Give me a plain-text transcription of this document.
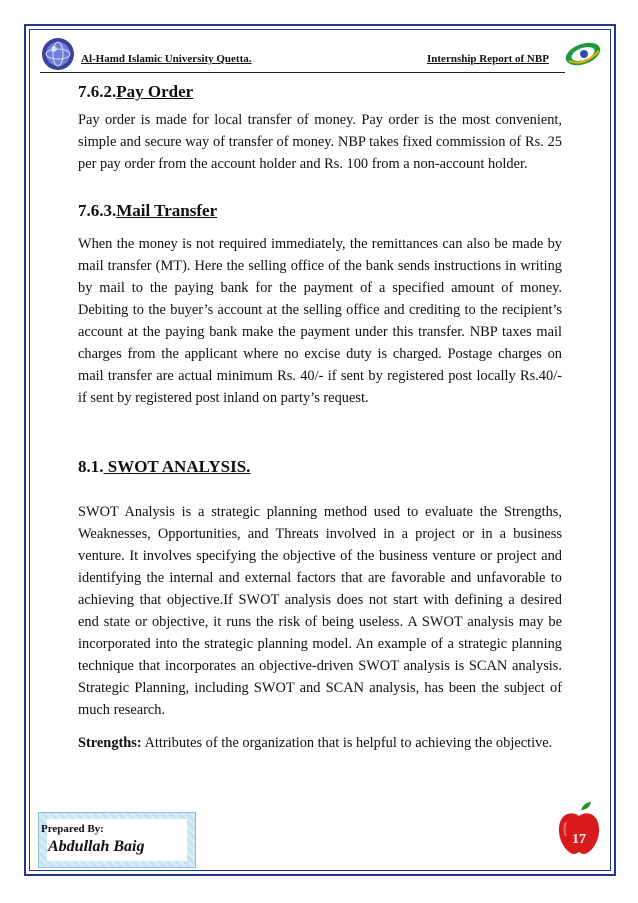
Al-Hamd Islamic University Quetta.	Internship Report of NBP
7.6.2.Pay Order

Pay order is made for local transfer of money. Pay order is the most convenient, simple and secure way of transfer of money. NBP takes fixed commission of Rs. 25 per pay order from the account holder and Rs. 100 from a non-account holder.

7.6.3.Mail Transfer

When the money is not required immediately, the remittances can also be made by mail transfer (MT). Here the selling office of the bank sends instructions in writing by mail to the paying bank for the payment of a specified amount of money. Debiting to the buyer’s account at the selling office and crediting to the recipient’s account at the paying bank make the payment under this transfer. NBP taxes mail charges from the applicant where no excise duty is charged. Postage charges on mail transfer are actual minimum Rs. 40/- if sent by registered post locally Rs.40/- if sent by registered post inland on party’s request.

8.1. SWOT ANALYSIS.

SWOT Analysis is a strategic planning method used to evaluate the Strengths, Weaknesses, Opportunities, and Threats involved in a project or in a business venture. It involves specifying the objective of the business venture or project and identifying the internal and external factors that are favorable and unfavorable to achieving that objective.If SWOT analysis does not start with defining a desired end state or objective, it runs the risk of being useless. A SWOT analysis may be incorporated into the strategic planning model. An example of a strategic planning technique that incorporates an objective-driven SWOT analysis is SCAN analysis. Strategic Planning, including SWOT and SCAN analysis, has been the subject of much research.

Strengths: Attributes of the organization that is helpful to achieving the objective.

Prepared By:
Abdullah Baig	17
